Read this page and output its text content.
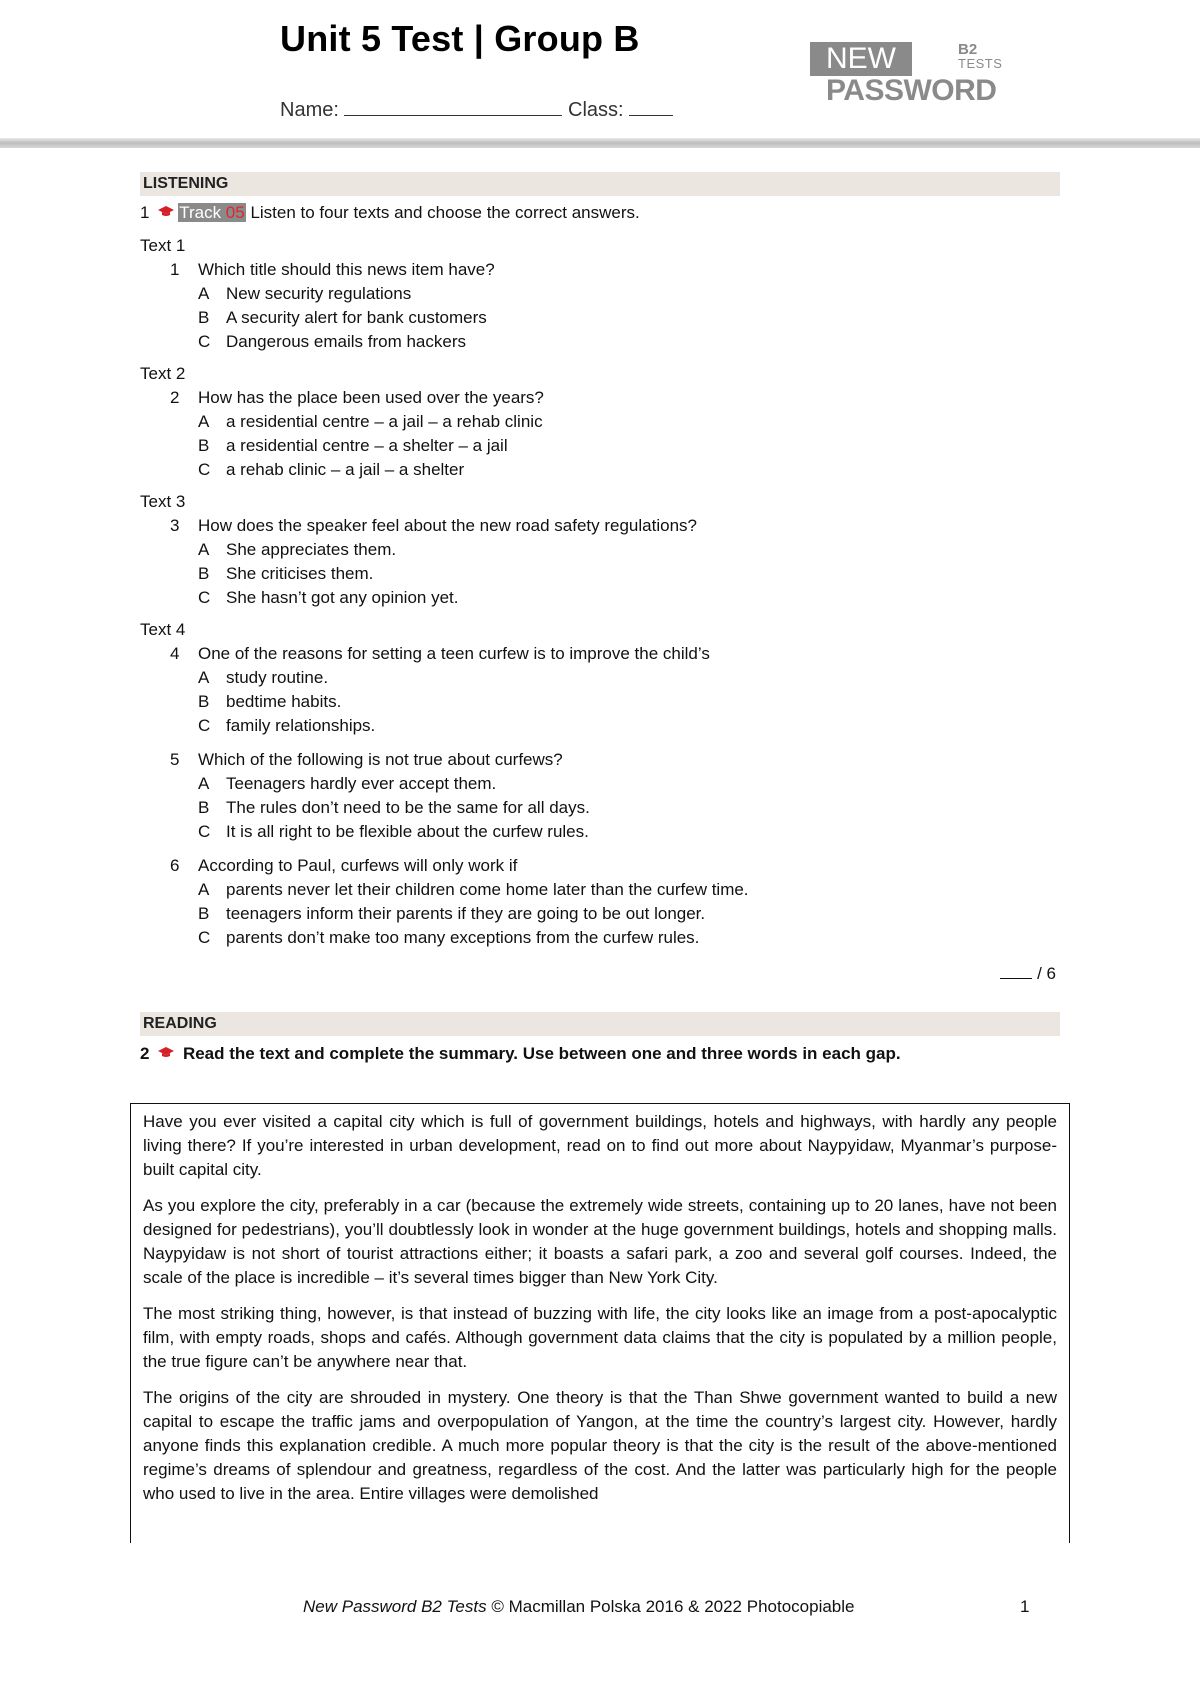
Unit 5 Test | Group B
Name:	Class:
NEW	B2
TESTS
PASSWORD
LISTENING
1 Track 05 Listen to four texts and choose the correct answers.
Text 1
1 Which title should this news item have?
A New security regulations
B A security alert for bank customers
C Dangerous emails from hackers
Text 2
2 How has the place been used over the years?
A a residential centre – a jail – a rehab clinic
B a residential centre – a shelter – a jail
C a rehab clinic – a jail – a shelter
Text 3
3 How does the speaker feel about the new road safety regulations?
A She appreciates them.
B She criticises them.
C She hasn’t got any opinion yet.
Text 4
4 One of the reasons for setting a teen curfew is to improve the child’s
A study routine.
B bedtime habits.
C family relationships.
5 Which of the following is not true about curfews?
A Teenagers hardly ever accept them.
B The rules don’t need to be the same for all days.
C It is all right to be flexible about the curfew rules.
6 According to Paul, curfews will only work if
A parents never let their children come home later than the curfew time.
B teenagers inform their parents if they are going to be out longer.
C parents don’t make too many exceptions from the curfew rules.
/ 6
READING
2 Read the text and complete the summary. Use between one and three words in each gap.

Have you ever visited a capital city which is full of government buildings, hotels and highways, with hardly any people living there? If you’re interested in urban development, read on to find out more about Naypyidaw, Myanmar’s purpose-built capital city.

As you explore the city, preferably in a car (because the extremely wide streets, containing up to 20 lanes, have not been designed for pedestrians), you’ll doubtlessly look in wonder at the huge government buildings, hotels and shopping malls. Naypyidaw is not short of tourist attractions either; it boasts a safari park, a zoo and several golf courses. Indeed, the scale of the place is incredible – it’s several times bigger than New York City.

The most striking thing, however, is that instead of buzzing with life, the city looks like an image from a post-apocalyptic film, with empty roads, shops and cafés. Although government data claims that the city is populated by a million people, the true figure can’t be anywhere near that.

The origins of the city are shrouded in mystery. One theory is that the Than Shwe government wanted to build a new capital to escape the traffic jams and overpopulation of Yangon, at the time the country’s largest city. However, hardly anyone finds this explanation credible. A much more popular theory is that the city is the result of the above-mentioned regime’s dreams of splendour and greatness, regardless of the cost. And the latter was particularly high for the people who used to live in the area. Entire villages were demolished

New Password B2 Tests © Macmillan Polska 2016 & 2022 Photocopiable	1
